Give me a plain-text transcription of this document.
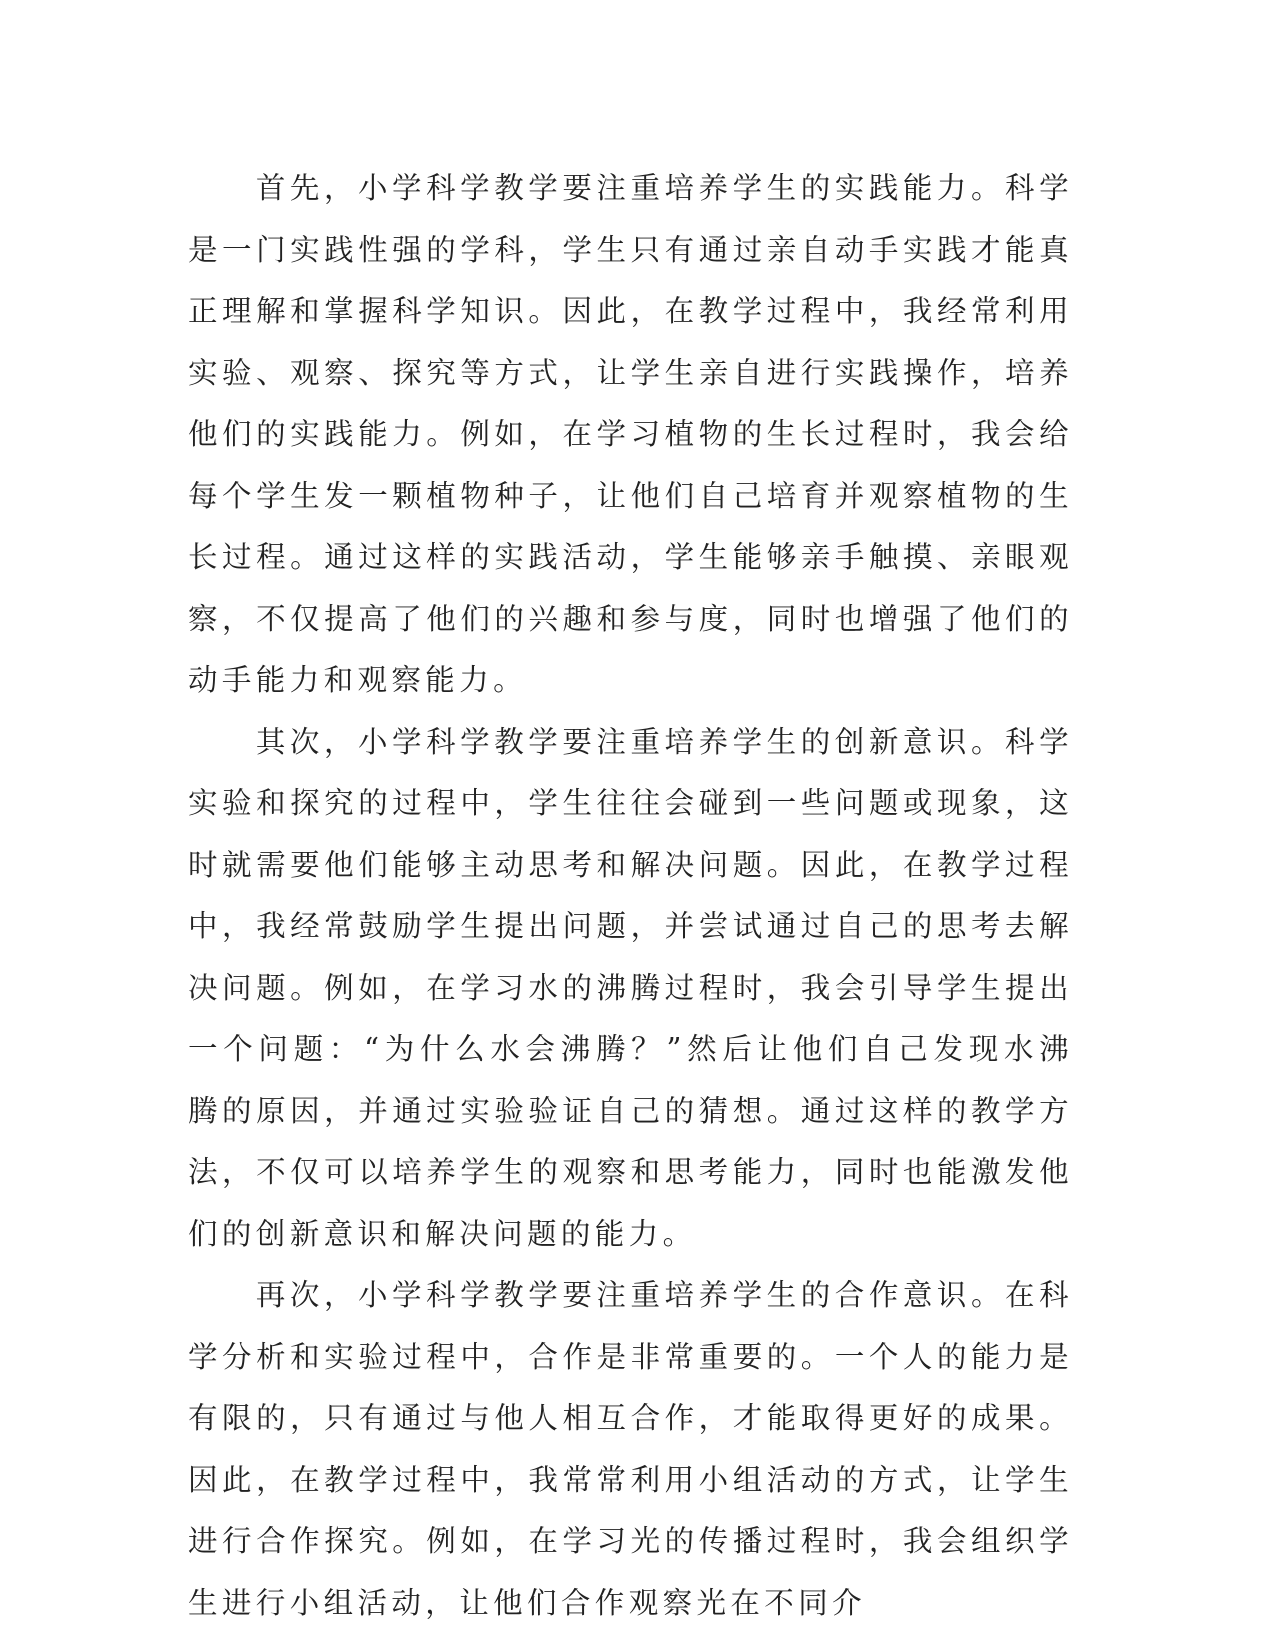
首先，小学科学教学要注重培养学生的实践能力。科学是一门实践性强的学科，学生只有通过亲自动手实践才能真正理解和掌握科学知识。因此，在教学过程中，我经常利用实验、观察、探究等方式，让学生亲自进行实践操作，培养他们的实践能力。例如，在学习植物的生长过程时，我会给每个学生发一颗植物种子，让他们自己培育并观察植物的生长过程。通过这样的实践活动，学生能够亲手触摸、亲眼观察，不仅提高了他们的兴趣和参与度，同时也增强了他们的动手能力和观察能力。

其次，小学科学教学要注重培养学生的创新意识。科学实验和探究的过程中，学生往往会碰到一些问题或现象，这时就需要他们能够主动思考和解决问题。因此，在教学过程中，我经常鼓励学生提出问题，并尝试通过自己的思考去解决问题。例如，在学习水的沸腾过程时，我会引导学生提出一个问题：“为什么水会沸腾？”然后让他们自己发现水沸腾的原因，并通过实验验证自己的猜想。通过这样的教学方法，不仅可以培养学生的观察和思考能力，同时也能激发他们的创新意识和解决问题的能力。

再次，小学科学教学要注重培养学生的合作意识。在科学分析和实验过程中，合作是非常重要的。一个人的能力是有限的，只有通过与他人相互合作，才能取得更好的成果。因此，在教学过程中，我常常利用小组活动的方式，让学生进行合作探究。例如，在学习光的传播过程时，我会组织学生进行小组活动，让他们合作观察光在不同介
